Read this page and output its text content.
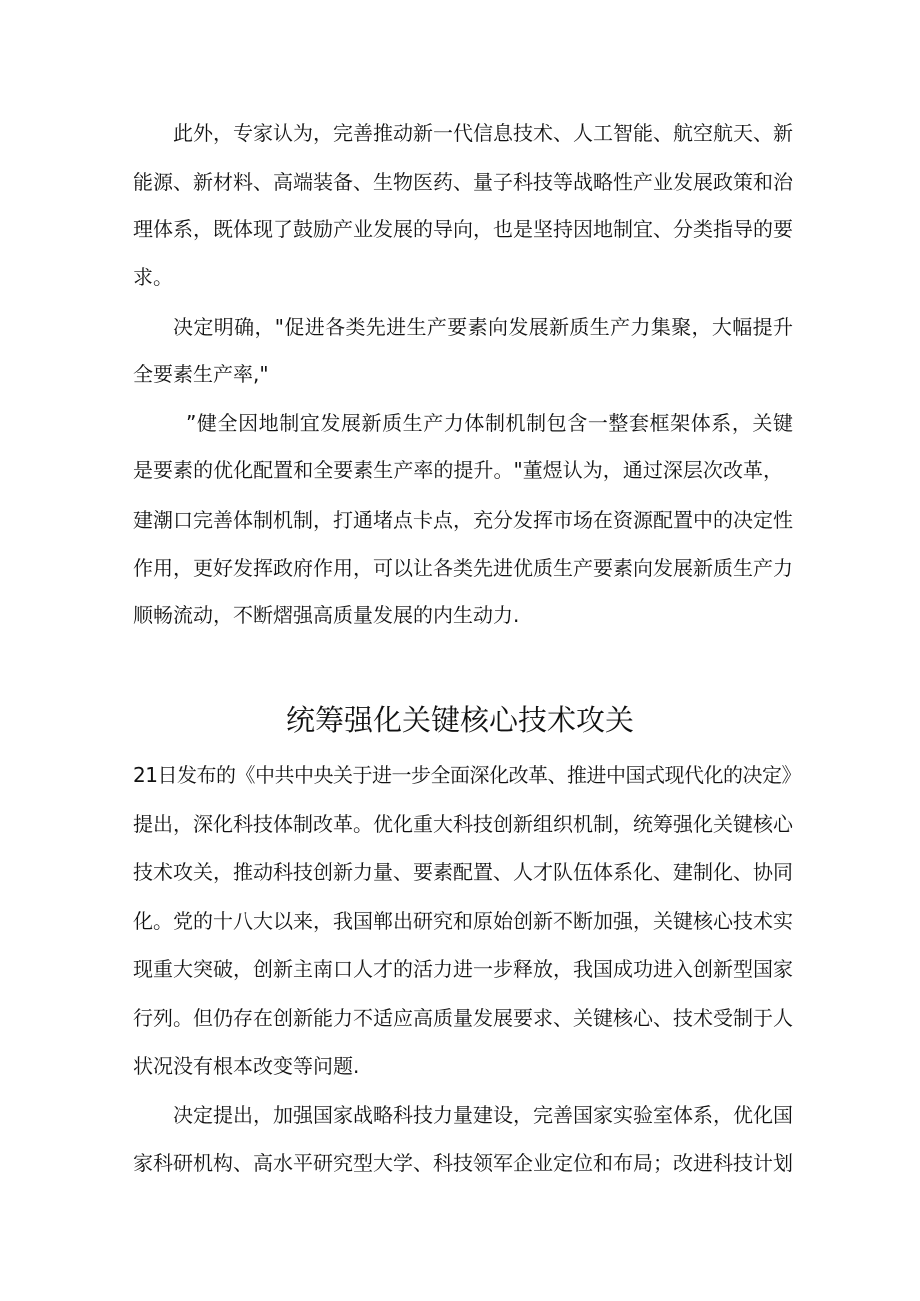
此外，专家认为，完善推动新一代信息技术、人工智能、航空航天、新
能源、新材料、高端装备、生物医药、量子科技等战略性产业发展政策和治
理体系，既体现了鼓励产业发展的导向，也是坚持因地制宜、分类指导的要
求。
决定明确，"促进各类先进生产要素向发展新质生产力集聚，大幅提升
全要素生产率,"
”健全因地制宜发展新质生产力体制机制包含一整套框架体系，关键
是要素的优化配置和全要素生产率的提升。"董煜认为，通过深层次改革，
建潮口完善体制机制，打通堵点卡点，充分发挥市场在资源配置中的决定性
作用，更好发挥政府作用，可以让各类先进优质生产要素向发展新质生产力
顺畅流动，不断熠强高质量发展的内生动力.
统筹强化关键核心技术攻关
21日发布的《中共中央关于进一步全面深化改革、推进中国式现代化的决定》
提出，深化科技体制改革。优化重大科技创新组织机制，统筹强化关键核心
技术攻关，推动科技创新力量、要素配置、人才队伍体系化、建制化、协同
化。党的十八大以来，我国郸出研究和原始创新不断加强，关键核心技术实
现重大突破，创新主南口人才的活力进一步释放，我国成功进入创新型国家
行列。但仍存在创新能力不适应高质量发展要求、关键核心、技术受制于人
状况没有根本改变等问题.
决定提出，加强国家战略科技力量建设，完善国家实验室体系，优化国
家科研机构、高水平研究型大学、科技领军企业定位和布局；改进科技计划
